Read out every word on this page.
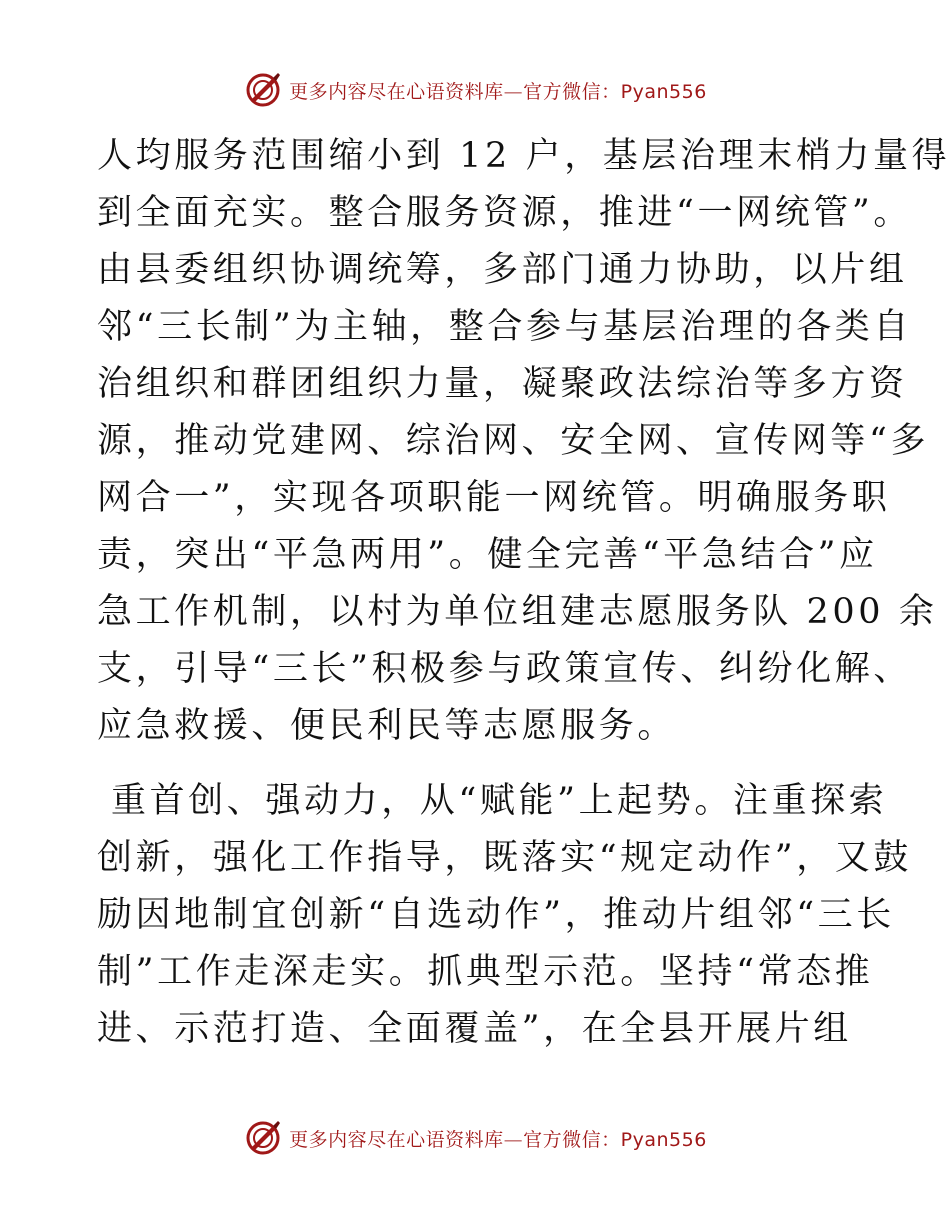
更多内容尽在心语资料库—官方微信：Pyan556
人均服务范围缩小到 12 户，基层治理末梢力量得
到全面充实。整合服务资源，推进“一网统管”。
由县委组织协调统筹，多部门通力协助，以片组
邻“三长制”为主轴，整合参与基层治理的各类自
治组织和群团组织力量，凝聚政法综治等多方资
源，推动党建网、综治网、安全网、宣传网等“多
网合一”，实现各项职能一网统管。明确服务职
责，突出“平急两用”。健全完善“平急结合”应
急工作机制，以村为单位组建志愿服务队 200 余
支，引导“三长”积极参与政策宣传、纠纷化解、
应急救援、便民利民等志愿服务。
重首创、强动力，从“赋能”上起势。注重探索
创新，强化工作指导，既落实“规定动作”，又鼓
励因地制宜创新“自选动作”，推动片组邻“三长
制”工作走深走实。抓典型示范。坚持“常态推
进、示范打造、全面覆盖”，在全县开展片组
更多内容尽在心语资料库—官方微信：Pyan556
